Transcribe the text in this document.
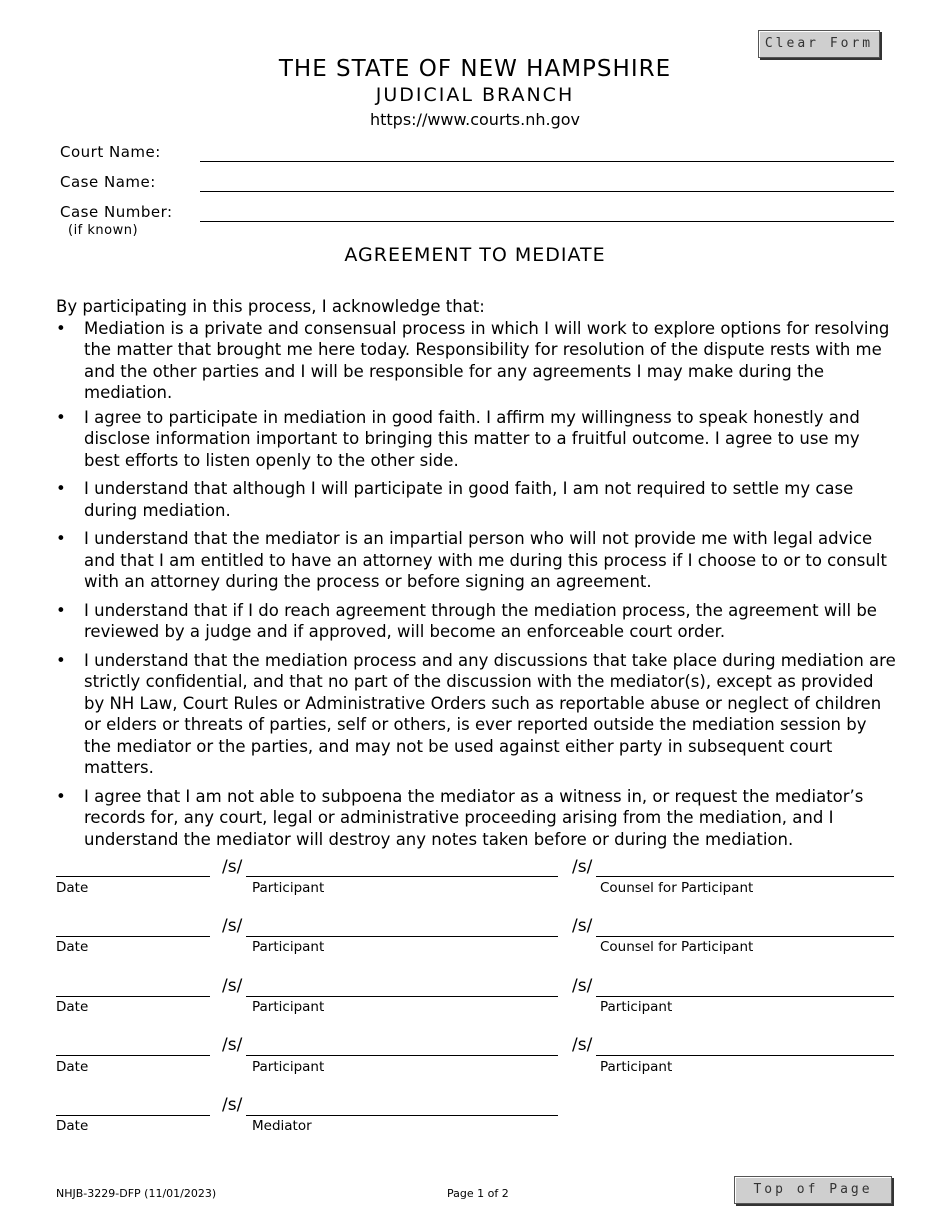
Clear Form
THE STATE OF NEW HAMPSHIRE
JUDICIAL BRANCH
https://www.courts.nh.gov
Court Name:
Case Name:
Case Number:
(if known)
AGREEMENT TO MEDIATE
By participating in this process, I acknowledge that:
• Mediation is a private and consensual process in which I will work to explore options for resolving the matter that brought me here today. Responsibility for resolution of the dispute rests with me and the other parties and I will be responsible for any agreements I may make during the mediation.
• I agree to participate in mediation in good faith. I affirm my willingness to speak honestly and disclose information important to bringing this matter to a fruitful outcome. I agree to use my best efforts to listen openly to the other side.
• I understand that although I will participate in good faith, I am not required to settle my case during mediation.
• I understand that the mediator is an impartial person who will not provide me with legal advice and that I am entitled to have an attorney with me during this process if I choose to or to consult with an attorney during the process or before signing an agreement.
• I understand that if I do reach agreement through the mediation process, the agreement will be reviewed by a judge and if approved, will become an enforceable court order.
• I understand that the mediation process and any discussions that take place during mediation are strictly confidential, and that no part of the discussion with the mediator(s), except as provided by NH Law, Court Rules or Administrative Orders such as reportable abuse or neglect of children or elders or threats of parties, self or others, is ever reported outside the mediation session by the mediator or the parties, and may not be used against either party in subsequent court matters.
• I agree that I am not able to subpoena the mediator as a witness in, or request the mediator’s records for, any court, legal or administrative proceeding arising from the mediation, and I understand the mediator will destroy any notes taken before or during the mediation.
Date
/s/
Participant
/s/
Counsel for Participant
Date
/s/
Participant
/s/
Counsel for Participant
Date
/s/
Participant
/s/
Participant
Date
/s/
Participant
/s/
Participant
Date
/s/
Mediator
NHJB-3229-DFP (11/01/2023)	Page 1 of 2	Top of Page
